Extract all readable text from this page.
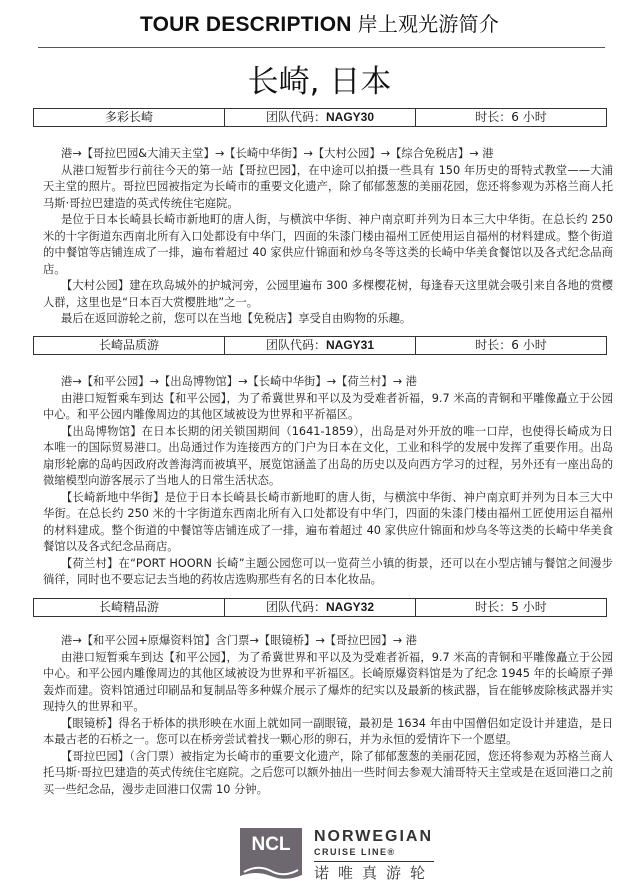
TOUR DESCRIPTION 岸上观光游简介
长崎, 日本
多彩长崎	团队代码：NAGY30	时长：6 小时
港→【哥拉巴园&大浦天主堂】→【长崎中华街】→【大村公园】→【综合免税店】→ 港

从港口短暂步行前往今天的第一站【哥拉巴园】，在中途可以拍摄一些具有 150 年历史的哥特式教堂——大浦天主堂的照片。哥拉巴园被指定为长崎市的重要文化遗产，除了郁郁葱葱的美丽花园，您还将参观为苏格兰商人托马斯·哥拉巴建造的英式传统住宅庭院。

是位于日本长崎县长崎市新地町的唐人街，与横滨中华街、神户南京町并列为日本三大中华街。在总长约 250 米的十字街道东西南北所有入口处都设有中华门，四面的朱漆门楼由福州工匠使用运自福州的材料建成。整个街道的中餐馆等店铺连成了一排，遍布着超过 40 家供应什锦面和炒乌冬等这类的长崎中华美食餐馆以及各式纪念品商店。

【大村公园】建在玖岛城外的护城河旁，公园里遍布 300 多棵樱花树，每逢春天这里就会吸引来自各地的赏樱人群，这里也是“日本百大赏樱胜地”之一。

最后在返回游轮之前，您可以在当地【免税店】享受自由购物的乐趣。

长崎品质游	团队代码：NAGY31	时长：6 小时
港→【和平公园】→【出岛博物馆】→【长崎中华街】→【荷兰村】→ 港

由港口短暂乘车到达【和平公园】，为了希冀世界和平以及为受难者祈福，9.7 米高的青铜和平雕像矗立于公园中心。和平公园内雕像周边的其他区域被设为世界和平祈福区。

【出岛博物馆】在日本长期的闭关锁国期间（1641-1859），出岛是对外开放的唯一口岸，也使得长崎成为日本唯一的国际贸易港口。出岛通过作为连接西方的门户为日本在文化，工业和科学的发展中发挥了重要作用。出岛扇形轮廓的岛屿因政府改善海湾而被填平，展览馆涵盖了出岛的历史以及向西方学习的过程，另外还有一座出岛的微缩模型向游客展示了当地人的日常生活状态。

【长崎新地中华街】是位于日本长崎县长崎市新地町的唐人街，与横滨中华街、神户南京町并列为日本三大中华街。在总长约 250 米的十字街道东西南北所有入口处都设有中华门，四面的朱漆门楼由福州工匠使用运自福州的材料建成。整个街道的中餐馆等店铺连成了一排，遍布着超过 40 家供应什锦面和炒乌冬等这类的长崎中华美食餐馆以及各式纪念品商店。

【荷兰村】在“PORT HOORN 长崎”主题公园您可以一览荷兰小镇的街景，还可以在小型店铺与餐馆之间漫步徜徉，同时也不要忘记去当地的药妆店选购那些有名的日本化妆品。

长崎精品游	团队代码：NAGY32	时长：5 小时
港→【和平公园+原爆资料馆】含门票→【眼镜桥】→【哥拉巴园】→ 港

由港口短暂乘车到达【和平公园】，为了希冀世界和平以及为受难者祈福，9.7 米高的青铜和平雕像矗立于公园中心。和平公园内雕像周边的其他区域被设为世界和平祈福区。长崎原爆资料馆是为了纪念 1945 年的长崎原子弹轰炸而建。资料馆通过印刷品和复制品等多种媒介展示了爆炸的纪实以及最新的核武器，旨在能够废除核武器并实现持久的世界和平。

【眼镜桥】得名于桥体的拱形映在水面上就如同一副眼镜，最初是 1634 年由中国僧侣如定设计并建造，是日本最古老的石桥之一。您可以在桥旁尝试着找一颗心形的卵石，并为永恒的爱情许下一个愿望。

【哥拉巴园】（含门票）被指定为长崎市的重要文化遗产，除了郁郁葱葱的美丽花园，您还将参观为苏格兰商人托马斯·哥拉巴建造的英式传统住宅庭院。之后您可以额外抽出一些时间去参观大浦哥特天主堂或是在返回港口之前买一些纪念品，漫步走回港口仅需 10 分钟。

NCL	NORWEGIAN
CRUISE LINE®
诺唯真游轮
